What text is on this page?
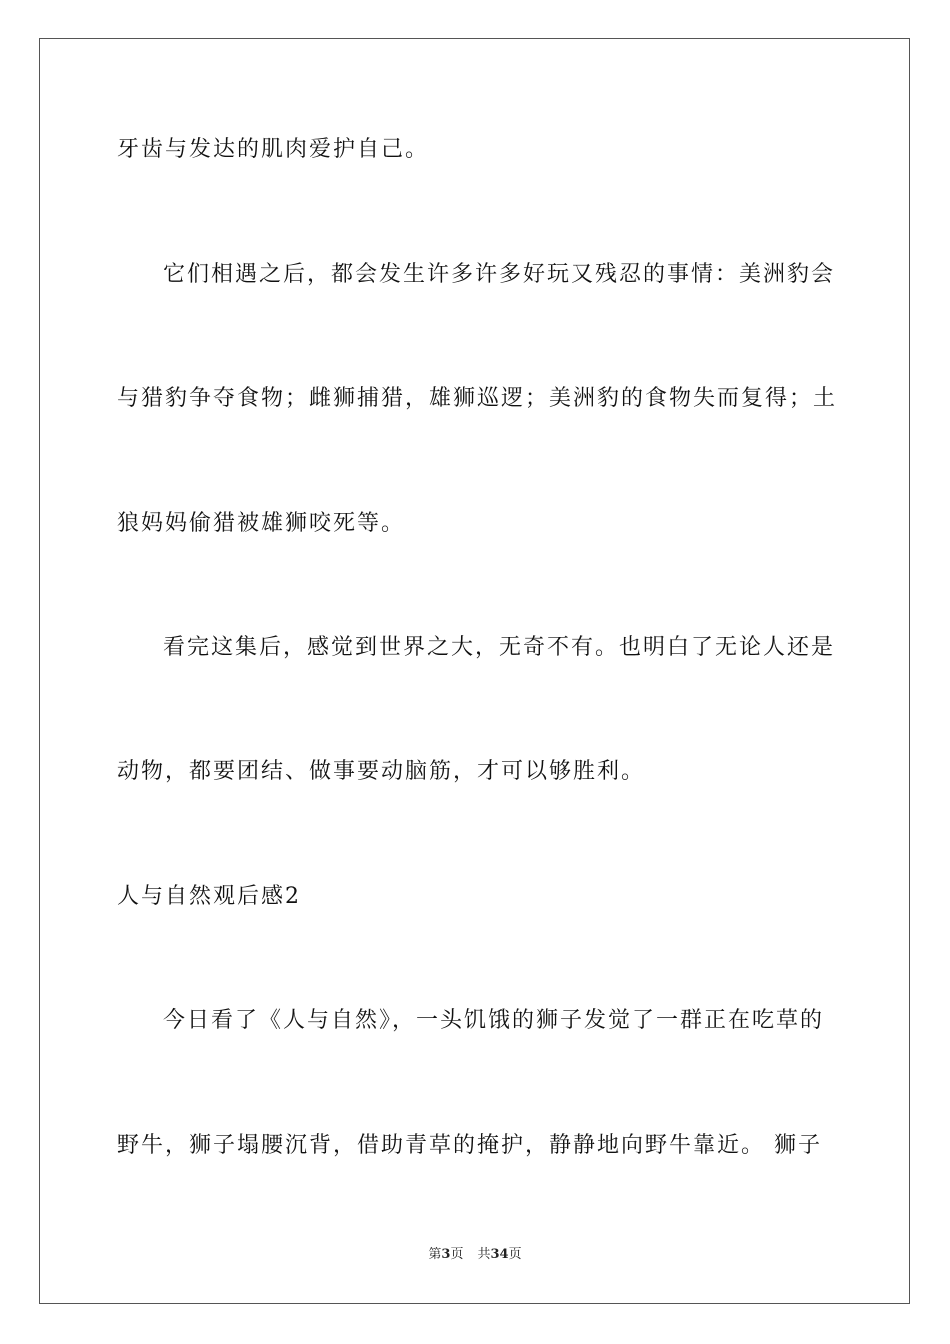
牙齿与发达的肌肉爱护自己。
它们相遇之后，都会发生许多许多好玩又残忍的事情：美洲豹会
与猎豹争夺食物；雌狮捕猎，雄狮巡逻；美洲豹的食物失而复得；土
狼妈妈偷猎被雄狮咬死等。
看完这集后，感觉到世界之大，无奇不有。也明白了无论人还是
动物，都要团结、做事要动脑筋，才可以够胜利。
人与自然观后感2
今日看了《人与自然》，一头饥饿的狮子发觉了一群正在吃草的
野牛，狮子塌腰沉背，借助青草的掩护，静静地向野牛靠近。 狮子
第3页 共34页
